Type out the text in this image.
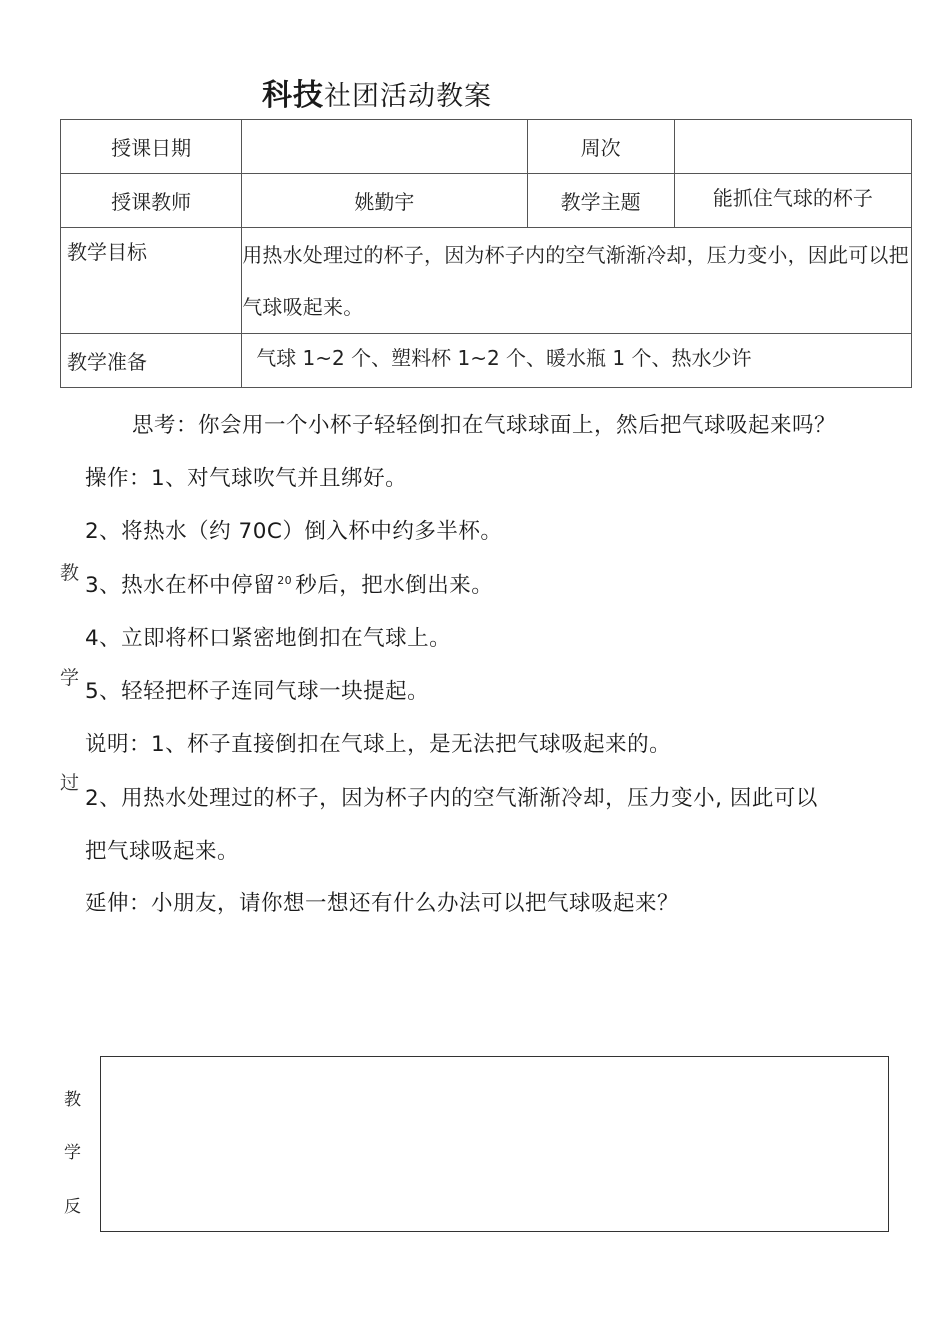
科技社团活动教案
授课日期		周次	
授课教师	姚勤宇	教学主题	能抓住气球的杯子
教学目标	用热水处理过的杯子，因为杯子内的空气渐渐冷却，压力变小，因此可以把气球吸起来。		
教学准备	气球 1~2 个、塑料杯 1~2 个、暖水瓶 1 个、热水少许		
思考：你会用一个小杯子轻轻倒扣在气球球面上，然后把气球吸起来吗？
操作：1、对气球吹气并且绑好。
2、将热水（约 70C）倒入杯中约多半杯。
3、热水在杯中停留 $^{20}$ 秒后，把水倒出来。
4、立即将杯口紧密地倒扣在气球上。
5、轻轻把杯子连同气球一块提起。
说明：1、杯子直接倒扣在气球上，是无法把气球吸起来的。
2、用热水处理过的杯子，因为杯子内的空气渐渐冷却，压力变小, 因此可以
把气球吸起来。
延伸：小朋友，请你想一想还有什么办法可以把气球吸起来？
教
学
过
教
学
反
